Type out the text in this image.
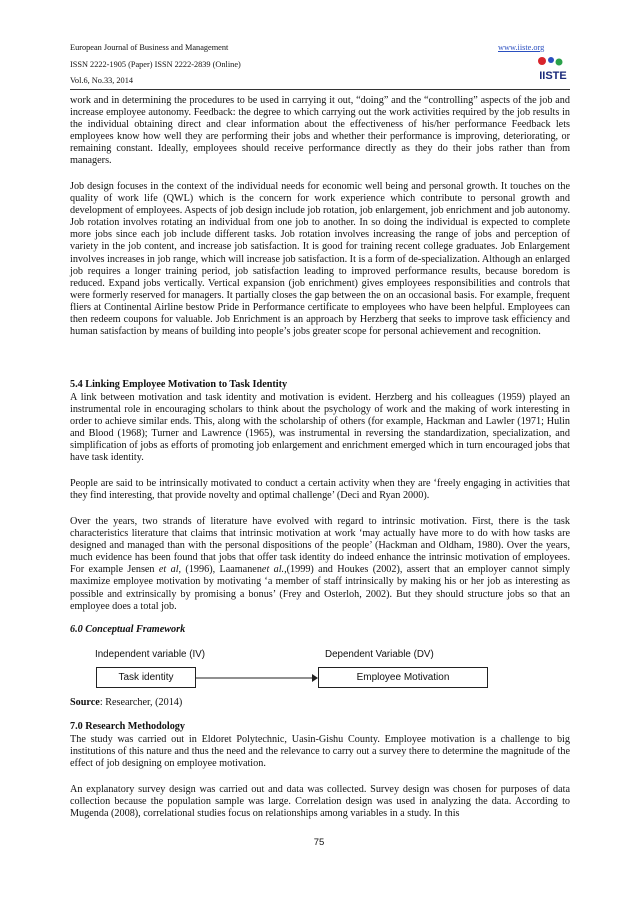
European Journal of Business and Management
ISSN 2222-1905 (Paper) ISSN 2222-2839 (Online)
Vol.6, No.33, 2014
www.iiste.org
IISTE

work and in determining the procedures to be used in carrying it out, “doing” and the “controlling” aspects of the job and increase employee autonomy. Feedback: the degree to which carrying out the work activities required by the job results in the individual obtaining direct and clear information about the effectiveness of his/her performance Feedback lets employees know how well they are performing their jobs and whether their performance is improving, deteriorating, or remaining constant. Ideally, employees should receive performance directly as they do their jobs rather than from managers.

Job design focuses in the context of the individual needs for economic well being and personal growth. It touches on the quality of work life (QWL) which is the concern for work experience which contribute to personal growth and development of employees. Aspects of job design include job rotation, job enlargement, job enrichment and job autonomy. Job rotation involves rotating an individual from one job to another. In so doing the individual is expected to complete more jobs since each job include different tasks. Job rotation involves increasing the range of jobs and perception of variety in the job content, and increase job satisfaction. It is good for training recent college graduates. Job Enlargement involves increases in job range, which will increase job satisfaction. It is a form of de-specialization. Although an enlarged job requires a longer training period, job satisfaction leading to improved performance results, because boredom is reduced. Expand jobs vertically. Vertical expansion (job enrichment) gives employees responsibilities and controls that were formerly reserved for managers. It partially closes the gap between the on an occasional basis. For example, frequent fliers at Continental Airline bestow Pride in Performance certificate to employees who have been helpful. Employees can then redeem coupons for valuable. Job Enrichment is an approach by Herzberg that seeks to improve task efficiency and human satisfaction by means of building into people’s jobs greater scope for personal achievement and recognition.

5.4 Linking Employee Motivation to Task Identity

A link between motivation and task identity and motivation is evident. Herzberg and his colleagues (1959) played an instrumental role in encouraging scholars to think about the psychology of work and the making of work interesting in order to achieve similar ends. This, along with the scholarship of others (for example, Hackman and Lawler (1971; Hulin and Blood (1968); Turner and Lawrence (1965), was instrumental in reversing the standardization, specialization, and simplification of jobs as efforts of promoting job enlargement and enrichment emerged which in turn encouraged jobs that have task identity.

People are said to be intrinsically motivated to conduct a certain activity when they are ‘freely engaging in activities that they find interesting, that provide novelty and optimal challenge’ (Deci and Ryan 2000).

Over the years, two strands of literature have evolved with regard to intrinsic motivation. First, there is the task characteristics literature that claims that intrinsic motivation at work ‘may actually have more to do with how tasks are designed and managed than with the personal dispositions of the people’ (Hackman and Oldham, 1980). Over the years, much evidence has been found that jobs that offer task identity do indeed enhance the intrinsic motivation of employees. For example Jensen et al, (1996), Laamanenet al.,(1999) and Houkes (2002), assert that an employer cannot simply maximize employee motivation by motivating ‘a member of staff intrinsically by making his or her job as interesting as possible and extrinsically by promising a bonus’ (Frey and Osterloh, 2002). But they should structure jobs so that an employee does a total job.

6.0 Conceptual Framework

Independent variable (IV)	Dependent Variable (DV)
Task identity	Employee Motivation

Source: Researcher, (2014)

7.0 Research Methodology

The study was carried out in Eldoret Polytechnic, Uasin-Gishu County. Employee motivation is a challenge to big institutions of this nature and thus the need and the relevance to carry out a survey there to determine the magnitude of the effect of job designing on employee motivation.

An explanatory survey design was carried out and data was collected. Survey design was chosen for purposes of data collection because the population sample was large. Correlation design was used in analyzing the data. According to Mugenda (2008), correlational studies focus on relationships among variables in a study. In this

75
